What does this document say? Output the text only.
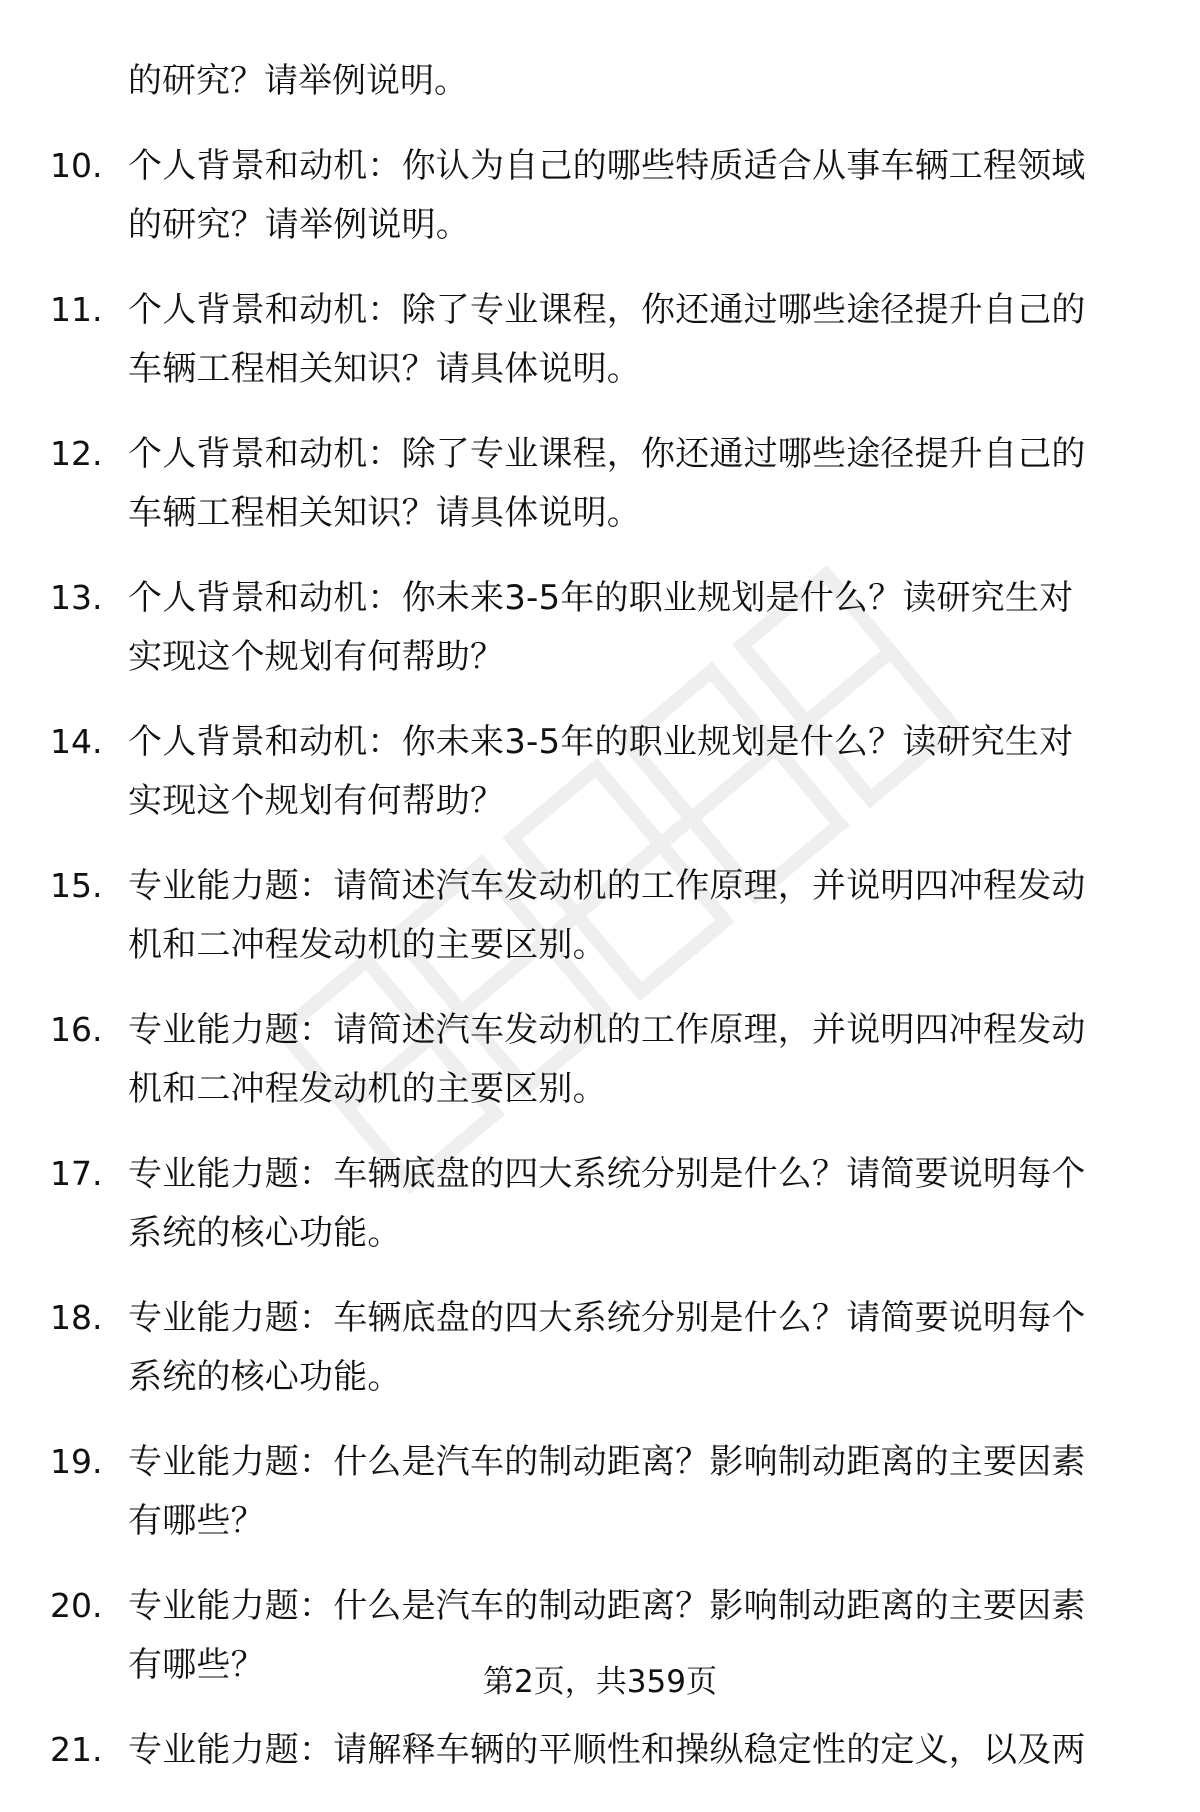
的研究？请举例说明。
10. 个人背景和动机：你认为自己的哪些特质适合从事车辆工程领域
的研究？请举例说明。
11. 个人背景和动机：除了专业课程，你还通过哪些途径提升自己的
车辆工程相关知识？请具体说明。
12. 个人背景和动机：除了专业课程，你还通过哪些途径提升自己的
车辆工程相关知识？请具体说明。
13. 个人背景和动机：你未来3-5年的职业规划是什么？读研究生对
实现这个规划有何帮助？
14. 个人背景和动机：你未来3-5年的职业规划是什么？读研究生对
实现这个规划有何帮助？
15. 专业能力题：请简述汽车发动机的工作原理，并说明四冲程发动
机和二冲程发动机的主要区别。
16. 专业能力题：请简述汽车发动机的工作原理，并说明四冲程发动
机和二冲程发动机的主要区别。
17. 专业能力题：车辆底盘的四大系统分别是什么？请简要说明每个
系统的核心功能。
18. 专业能力题：车辆底盘的四大系统分别是什么？请简要说明每个
系统的核心功能。
19. 专业能力题：什么是汽车的制动距离？影响制动距离的主要因素
有哪些？
20. 专业能力题：什么是汽车的制动距离？影响制动距离的主要因素
有哪些？
21. 专业能力题：请解释车辆的平顺性和操纵稳定性的定义，以及两
第2页，共359页
